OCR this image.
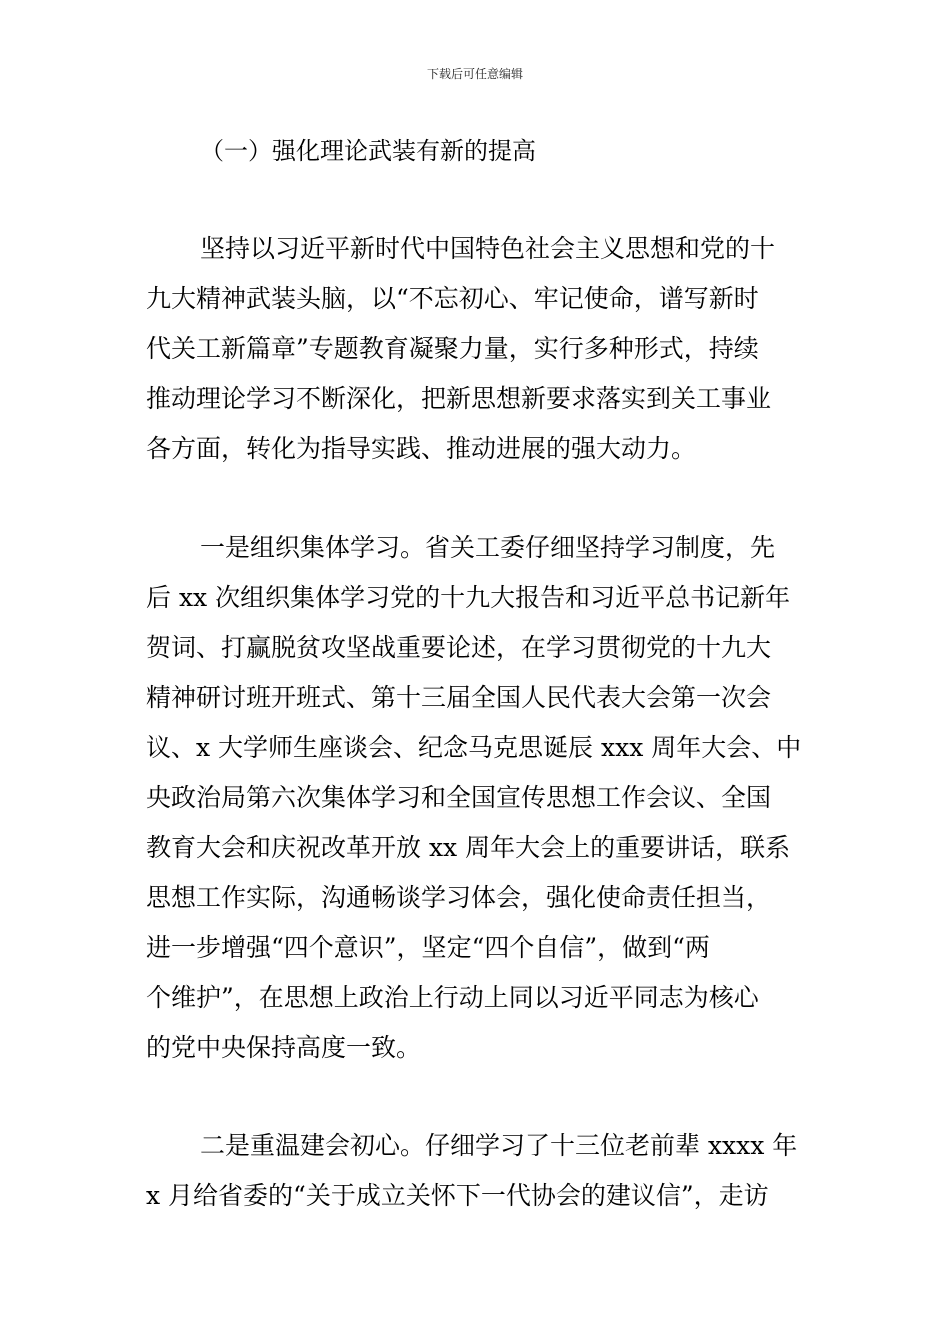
下载后可任意编辑
（一）强化理论武装有新的提高
坚持以习近平新时代中国特色社会主义思想和党的十
九大精神武装头脑，以“不忘初心、牢记使命，谱写新时
代关工新篇章”专题教育凝聚力量，实行多种形式，持续
推动理论学习不断深化，把新思想新要求落实到关工事业
各方面，转化为指导实践、推动进展的强大动力。
一是组织集体学习。省关工委仔细坚持学习制度，先
后 xx 次组织集体学习党的十九大报告和习近平总书记新年
贺词、打赢脱贫攻坚战重要论述，在学习贯彻党的十九大
精神研讨班开班式、第十三届全国人民代表大会第一次会
议、x 大学师生座谈会、纪念马克思诞辰 xxx 周年大会、中
央政治局第六次集体学习和全国宣传思想工作会议、全国
教育大会和庆祝改革开放 xx 周年大会上的重要讲话，联系
思想工作实际，沟通畅谈学习体会，强化使命责任担当，
进一步增强“四个意识”，坚定“四个自信”，做到“两
个维护”，在思想上政治上行动上同以习近平同志为核心
的党中央保持高度一致。
二是重温建会初心。仔细学习了十三位老前辈 xxxx 年
x 月给省委的“关于成立关怀下一代协会的建议信”，走访
